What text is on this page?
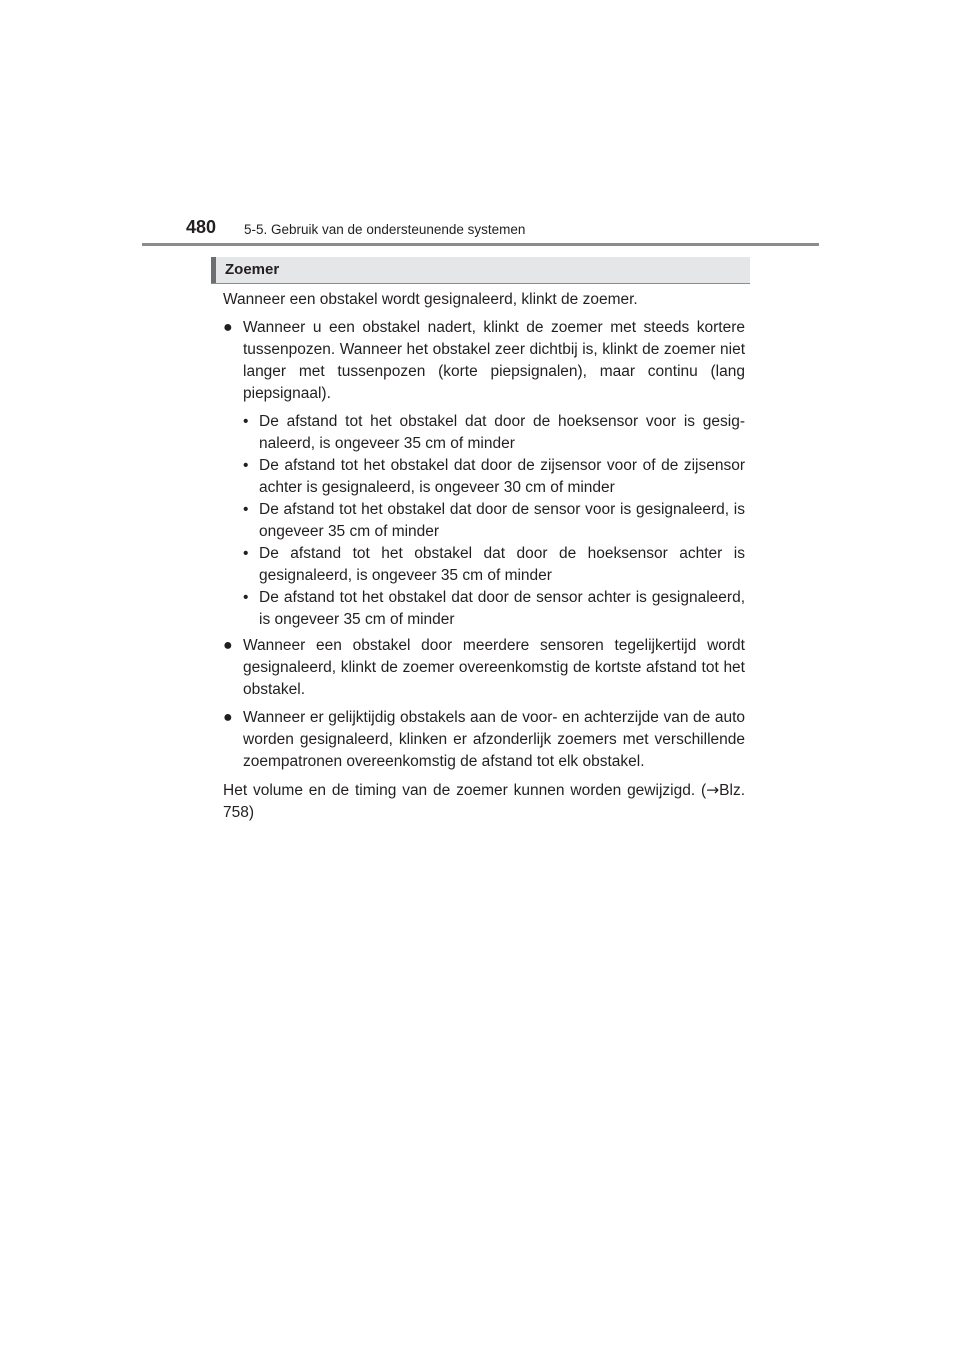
480 5-5. Gebruik van de ondersteunende systemen
Zoemer

Wanneer een obstakel wordt gesignaleerd, klinkt de zoemer.

● Wanneer u een obstakel nadert, klinkt de zoemer met steeds kortere tussenpozen. Wanneer het obstakel zeer dichtbij is, klinkt de zoemer niet langer met tussenpozen (korte piepsignalen), maar continu (lang piepsignaal).

• De afstand tot het obstakel dat door de hoeksensor voor is gesignaleerd, is ongeveer 35 cm of minder
• De afstand tot het obstakel dat door de zijsensor voor of de zijsensor achter is gesignaleerd, is ongeveer 30 cm of minder
• De afstand tot het obstakel dat door de sensor voor is gesignaleerd, is ongeveer 35 cm of minder
• De afstand tot het obstakel dat door de hoeksensor achter is gesignaleerd, is ongeveer 35 cm of minder
• De afstand tot het obstakel dat door de sensor achter is gesignaleerd, is ongeveer 35 cm of minder

● Wanneer een obstakel door meerdere sensoren tegelijkertijd wordt gesignaleerd, klinkt de zoemer overeenkomstig de kortste afstand tot het obstakel.

● Wanneer er gelijktijdig obstakels aan de voor- en achterzijde van de auto worden gesignaleerd, klinken er afzonderlijk zoemers met verschillende zoempatronen overeenkomstig de afstand tot elk obstakel.

Het volume en de timing van de zoemer kunnen worden gewijzigd. (→Blz. 758)
